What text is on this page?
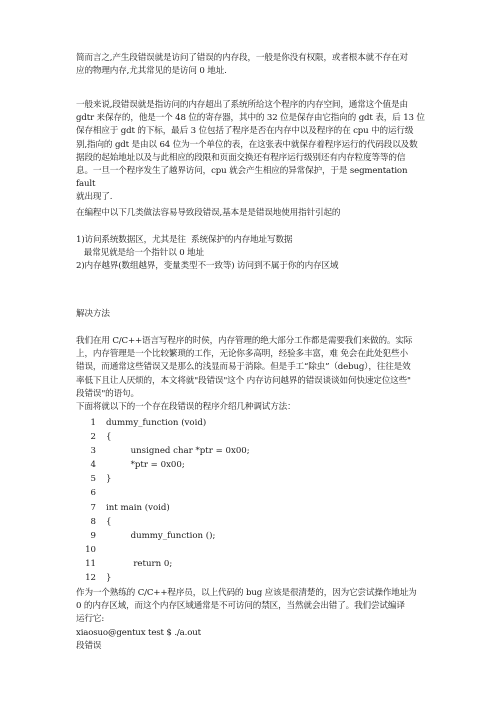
简而言之,产生段错误就是访问了错误的内存段，一般是你没有权限，或者根本就不存在对
应的物理内存,尤其常见的是访问 0 地址.

一般来说,段错误就是指访问的内存超出了系统所给这个程序的内存空间，通常这个值是由
gdtr 来保存的，他是一个 48 位的寄存器，其中的 32 位是保存由它指向的 gdt 表，后 13 位
保存相应于 gdt 的下标，最后 3 位包括了程序是否在内存中以及程序的在 cpu 中的运行级
别,指向的 gdt 是由以 64 位为一个单位的表，在这张表中就保存着程序运行的代码段以及数
据段的起始地址以及与此相应的段限和页面交换还有程序运行级别还有内存粒度等等的信
息。一旦一个程序发生了越界访问，cpu 就会产生相应的异常保护，于是 segmentation fault
就出现了.

在编程中以下几类做法容易导致段错误,基本是是错误地使用指针引起的

1)访问系统数据区，尤其是往  系统保护的内存地址写数据
最常见就是给一个指针以 0 地址
2)内存越界(数组越界，变量类型不一致等) 访问到不属于你的内存区域

解决方法

我们在用 C/C++语言写程序的时侯，内存管理的绝大部分工作都是需要我们来做的。实际
上，内存管理是一个比较繁琐的工作，无论你多高明，经验多丰富，难 免会在此处犯些小
错误，而通常这些错误又是那么的浅显而易于消除。但是手工“除虫”（debug），往往是效
率低下且让人厌烦的，本文将就"段错误"这个 内存访问越界的错误谈谈如何快速定位这些"
段错误"的语句。
下面将就以下的一个存在段错误的程序介绍几种调试方法：

1 dummy_function (void)
2 {
3 unsigned char *ptr = 0x00;
4 *ptr = 0x00;
5 }
6
7 int main (void)
8 {
9 dummy_function ();
10
11 return 0;
12 }

作为一个熟练的 C/C++程序员，以上代码的 bug 应该是很清楚的，因为它尝试操作地址为
0 的内存区域，而这个内存区域通常是不可访问的禁区，当然就会出错了。我们尝试编译
运行它:
xiaosuo@gentux test $ ./a.out
段错误
